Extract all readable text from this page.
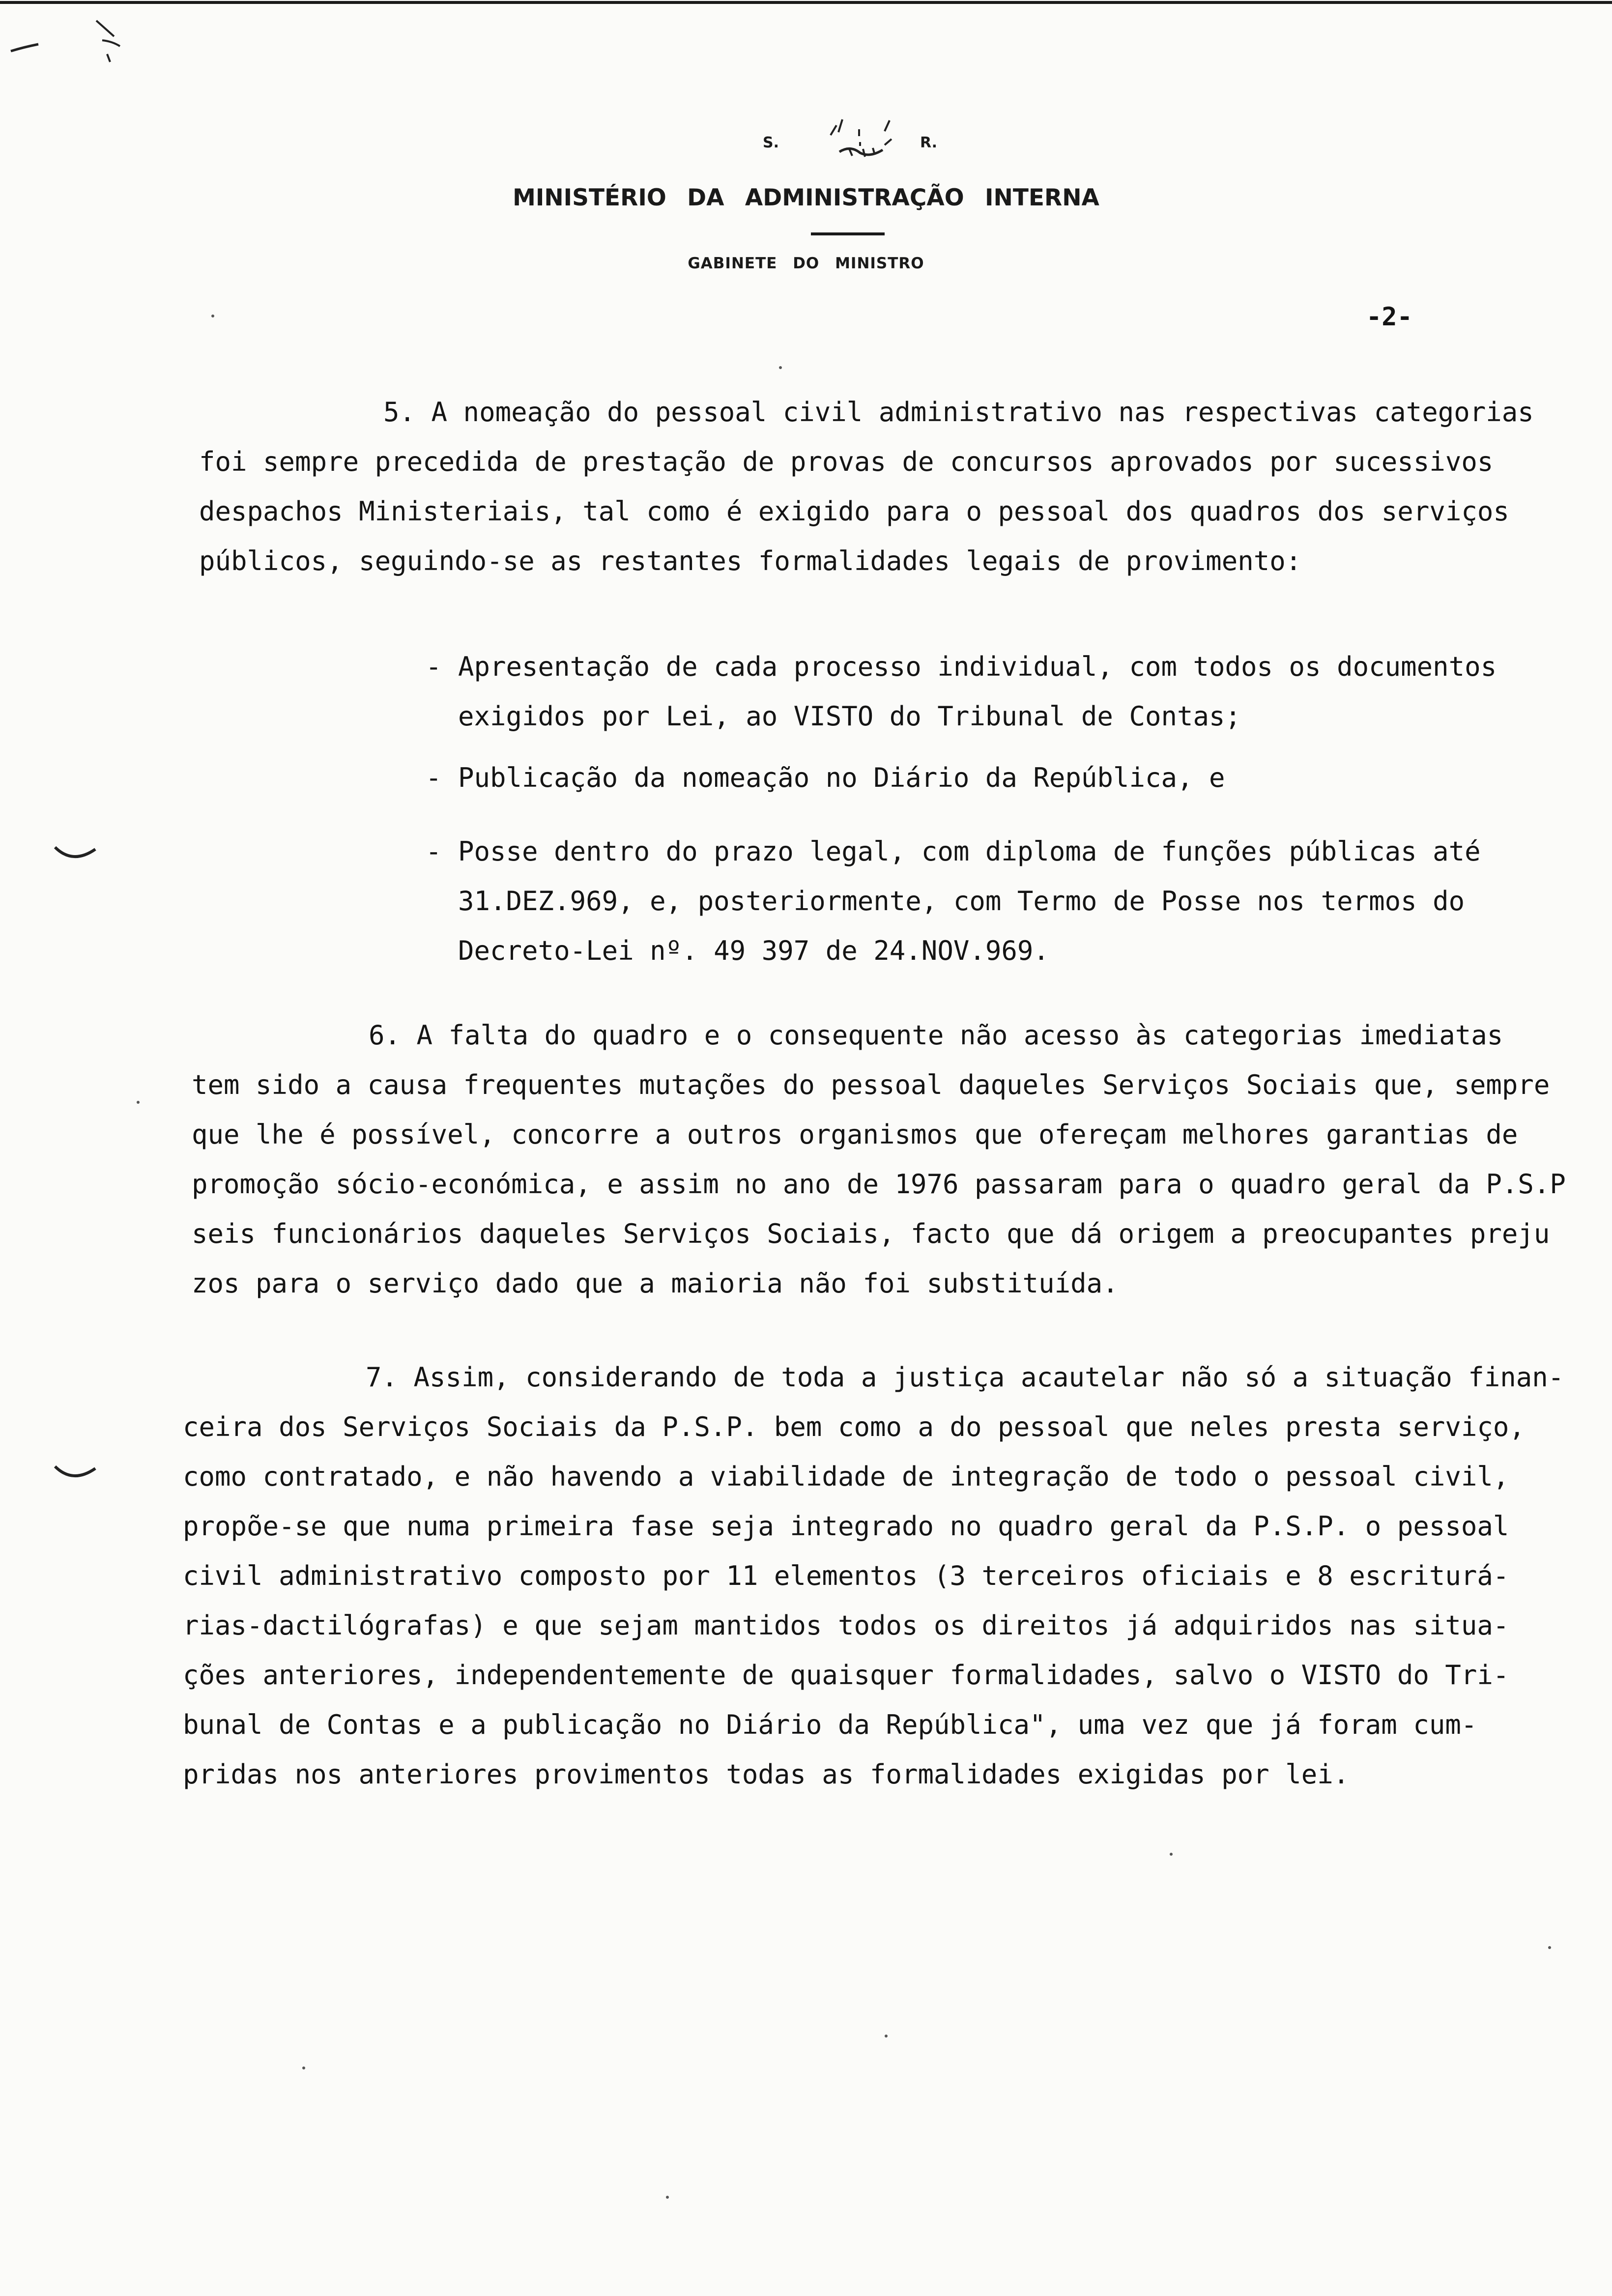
S.	R.
MINISTÉRIO DA ADMINISTRAÇÃO INTERNA
GABINETE DO MINISTRO
-2-
5. A nomeação do pessoal civil administrativo nas respectivas categorias
foi sempre precedida de prestação de provas de concursos aprovados por sucessivos
despachos Ministeriais, tal como é exigido para o pessoal dos quadros dos serviços
públicos, seguindo-se as restantes formalidades legais de provimento:
- Apresentação de cada processo individual, com todos os documentos
exigidos por Lei, ao VISTO do Tribunal de Contas;
- Publicação da nomeação no Diário da República, e
- Posse dentro do prazo legal, com diploma de funções públicas até
31.DEZ.969, e, posteriormente, com Termo de Posse nos termos do
Decreto-Lei nº. 49 397 de 24.NOV.969.
6. A falta do quadro e o consequente não acesso às categorias imediatas
tem sido a causa frequentes mutações do pessoal daqueles Serviços Sociais que, sempre
que lhe é possível, concorre a outros organismos que ofereçam melhores garantias de
promoção sócio-económica, e assim no ano de 1976 passaram para o quadro geral da P.S.P
seis funcionários daqueles Serviços Sociais, facto que dá origem a preocupantes preju
zos para o serviço dado que a maioria não foi substituída.
7. Assim, considerando de toda a justiça acautelar não só a situação finan-
ceira dos Serviços Sociais da P.S.P. bem como a do pessoal que neles presta serviço,
como contratado, e não havendo a viabilidade de integração de todo o pessoal civil,
propõe-se que numa primeira fase seja integrado no quadro geral da P.S.P. o pessoal
civil administrativo composto por 11 elementos (3 terceiros oficiais e 8 escriturá-
rias-dactilógrafas) e que sejam mantidos todos os direitos já adquiridos nas situa-
ções anteriores, independentemente de quaisquer formalidades, salvo o VISTO do Tri-
bunal de Contas e a publicação no Diário da República", uma vez que já foram cum-
pridas nos anteriores provimentos todas as formalidades exigidas por lei.
